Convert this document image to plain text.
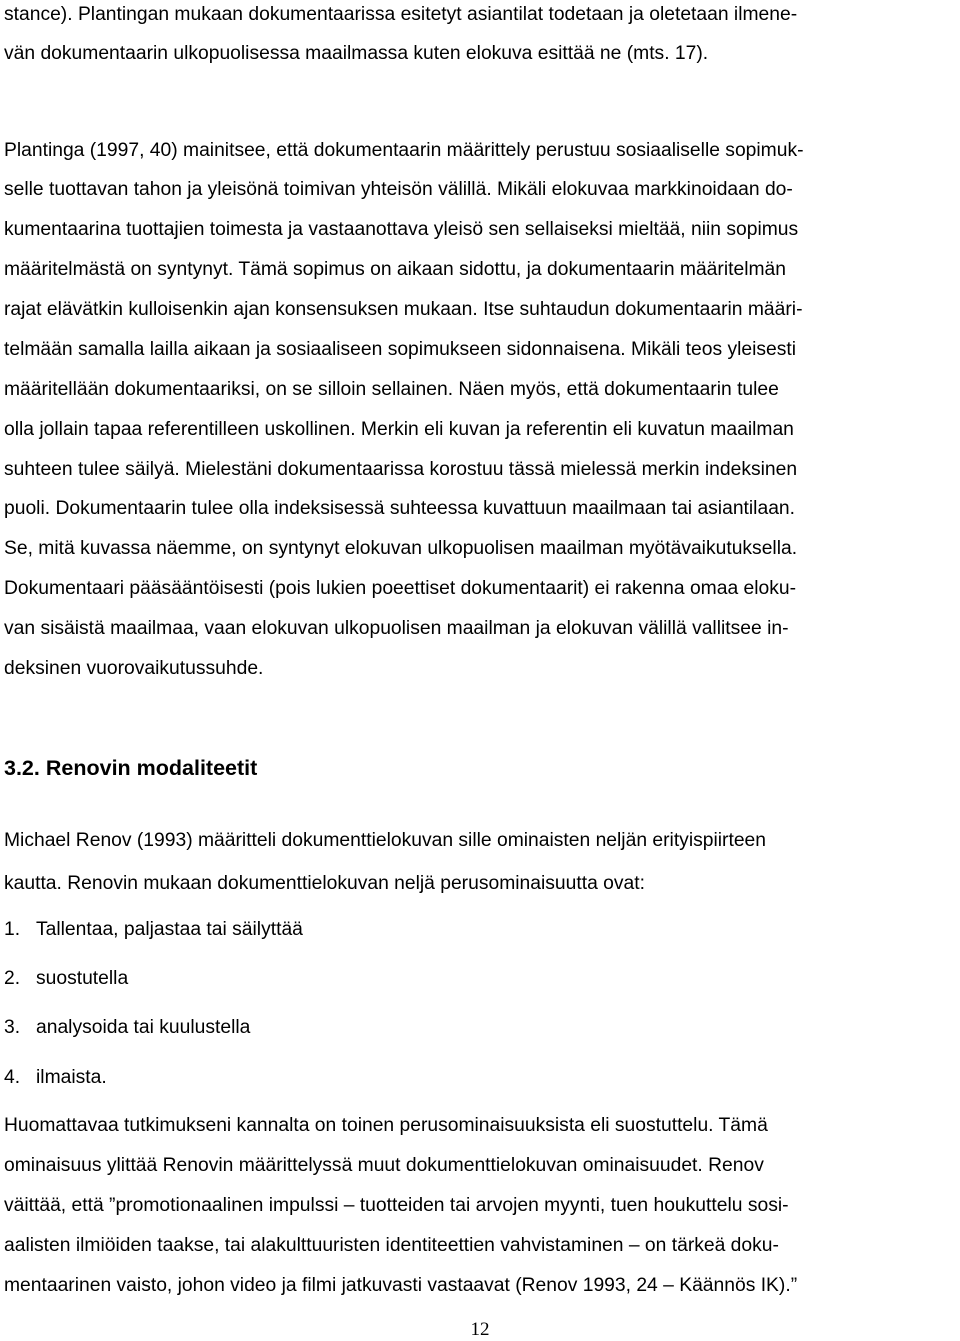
stance). Plantingan mukaan dokumentaarissa esitetyt asiantilat todetaan ja oletetaan ilmene-

vän dokumentaarin ulkopuolisessa maailmassa kuten elokuva esittää ne (mts. 17).

Plantinga (1997, 40) mainitsee, että dokumentaarin määrittely perustuu sosiaaliselle sopimuk-

selle tuottavan tahon ja yleisönä toimivan yhteisön välillä. Mikäli elokuvaa markkinoidaan do-

kumentaarina tuottajien toimesta ja vastaanottava yleisö sen sellaiseksi mieltää, niin sopimus

määritelmästä on syntynyt. Tämä sopimus on aikaan sidottu, ja dokumentaarin määritelmän

rajat elävätkin kulloisenkin ajan konsensuksen mukaan. Itse suhtaudun dokumentaarin määri-

telmään samalla lailla aikaan ja sosiaaliseen sopimukseen sidonnaisena. Mikäli teos yleisesti

määritellään dokumentaariksi, on se silloin sellainen. Näen myös, että dokumentaarin tulee

olla jollain tapaa referentilleen uskollinen. Merkin eli kuvan ja referentin eli kuvatun maailman

suhteen tulee säilyä. Mielestäni dokumentaarissa korostuu tässä mielessä merkin indeksinen

puoli. Dokumentaarin tulee olla indeksisessä suhteessa kuvattuun maailmaan tai asiantilaan.

Se, mitä kuvassa näemme, on syntynyt elokuvan ulkopuolisen maailman myötävaikutuksella.

Dokumentaari pääsääntöisesti (pois lukien poeettiset dokumentaarit) ei rakenna omaa eloku-

van sisäistä maailmaa, vaan elokuvan ulkopuolisen maailman ja elokuvan välillä vallitsee in-

deksinen vuorovaikutussuhde.

3.2. Renovin modaliteetit

Michael Renov (1993) määritteli dokumenttielokuvan sille ominaisten neljän erityispiirteen

kautta. Renovin mukaan dokumenttielokuvan neljä perusominaisuutta ovat:

1. Tallentaa, paljastaa tai säilyttää

2. suostutella

3. analysoida tai kuulustella

4. ilmaista.

Huomattavaa tutkimukseni kannalta on toinen perusominaisuuksista eli suostuttelu. Tämä

ominaisuus ylittää Renovin määrittelyssä muut dokumenttielokuvan ominaisuudet. Renov

väittää, että ”promotionaalinen impulssi – tuotteiden tai arvojen myynti, tuen houkuttelu sosi-

aalisten ilmiöiden taakse, tai alakulttuuristen identiteettien vahvistaminen – on tärkeä doku-

mentaarinen vaisto, johon video ja filmi jatkuvasti vastaavat (Renov 1993, 24 – Käännös IK).”

12
